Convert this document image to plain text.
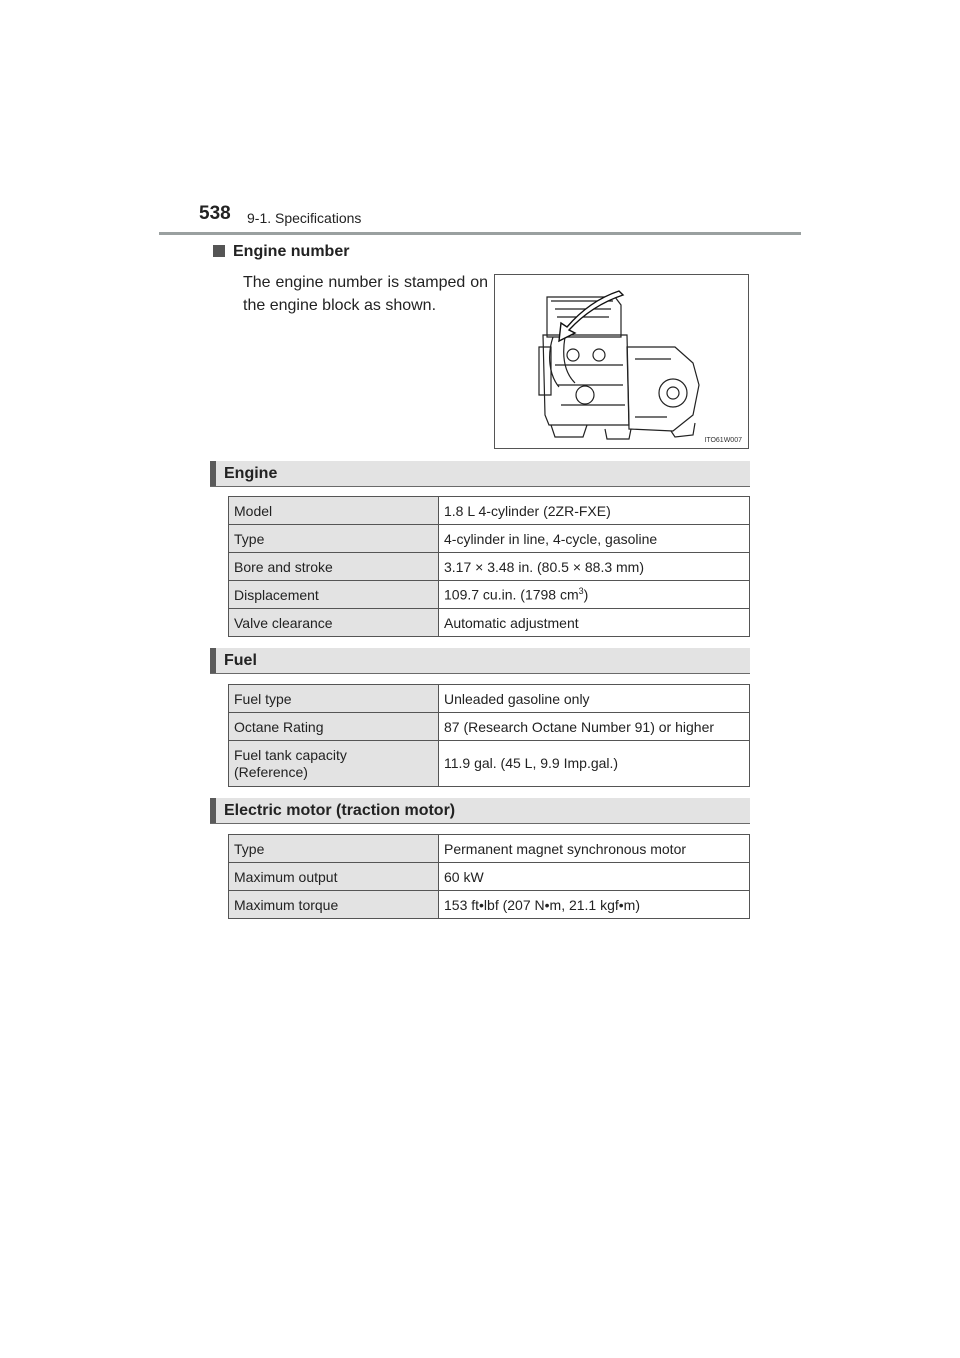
538 9-1. Specifications
Engine number
The engine number is stamped on the engine block as shown.
ITO61W007
Engine
Model	1.8 L 4-cylinder (2ZR-FXE)
Type	4-cylinder in line, 4-cycle, gasoline
Bore and stroke	3.17 × 3.48 in. (80.5 × 88.3 mm)
Displacement	109.7 cu.in. (1798 $cm^3$)
Valve clearance	Automatic adjustment
Fuel
Fuel type	Unleaded gasoline only
Octane Rating	87 (Research Octane Number 91) or higher
Fuel tank capacity
(Reference)	11.9 gal. (45 L, 9.9 Imp.gal.)
Electric motor (traction motor)
Type	Permanent magnet synchronous motor
Maximum output	60 kW
Maximum torque	153 ft•lbf (207 N•m, 21.1 kgf•m)
